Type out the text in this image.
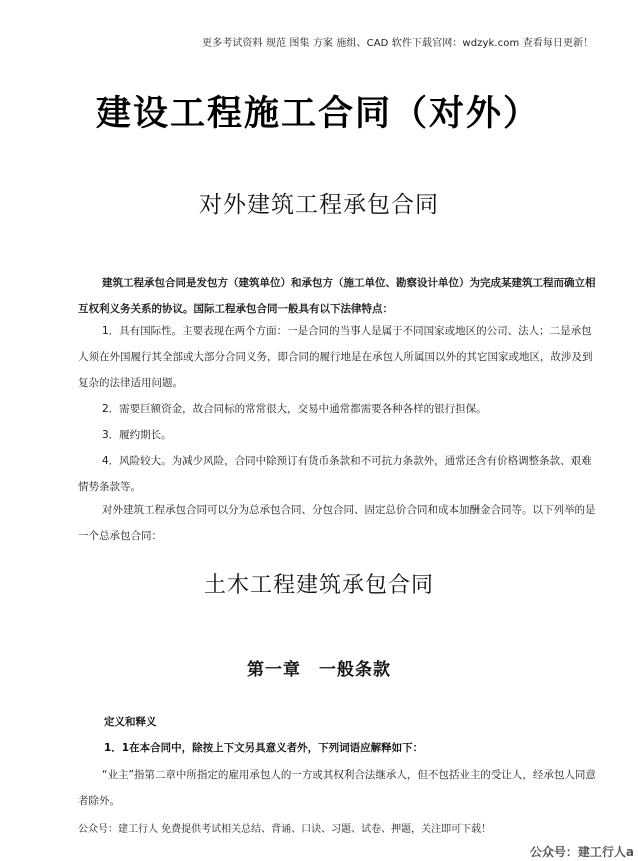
更多考试资料 规范 图集 方案 施组、CAD 软件下载官网：wdzyk.com 查看每日更新！
建设工程施工合同（对外）
对外建筑工程承包合同
建筑工程承包合同是发包方（建筑单位）和承包方（施工单位、勘察设计单位）为完成某建筑工程而确立相互权利义务关系的协议。国际工程承包合同一般具有以下法律特点：
1．具有国际性。主要表现在两个方面：一是合同的当事人是属于不同国家或地区的公司、法人；二是承包人须在外国履行其全部或大部分合同义务，即合同的履行地是在承包人所属国以外的其它国家或地区，故涉及到复杂的法律适用问题。
2．需要巨额资金，故合同标的常常很大，交易中通常都需要各种各样的银行担保。
3．履约期长。
4．风险较大。为减少风险，合同中除预订有货币条款和不可抗力条款外，通常还含有价格调整条款、艰难情势条款等。
对外建筑工程承包合同可以分为总承包合同、分包合同、固定总价合同和成本加酬金合同等。以下列举的是一个总承包合同：
土木工程建筑承包合同
第一章　一般条款
定义和释义
1．1在本合同中，除按上下文另具意义者外，下列词语应解释如下：
“业主”指第二章中所指定的雇用承包人的一方或其权利合法继承人，但不包括业主的受让人，经承包人同意者除外。
公众号：建工行人 免费提供考试相关总结、背诵、口诀、习题、试卷、押题，关注即可下载！
公众号：建工行人a
